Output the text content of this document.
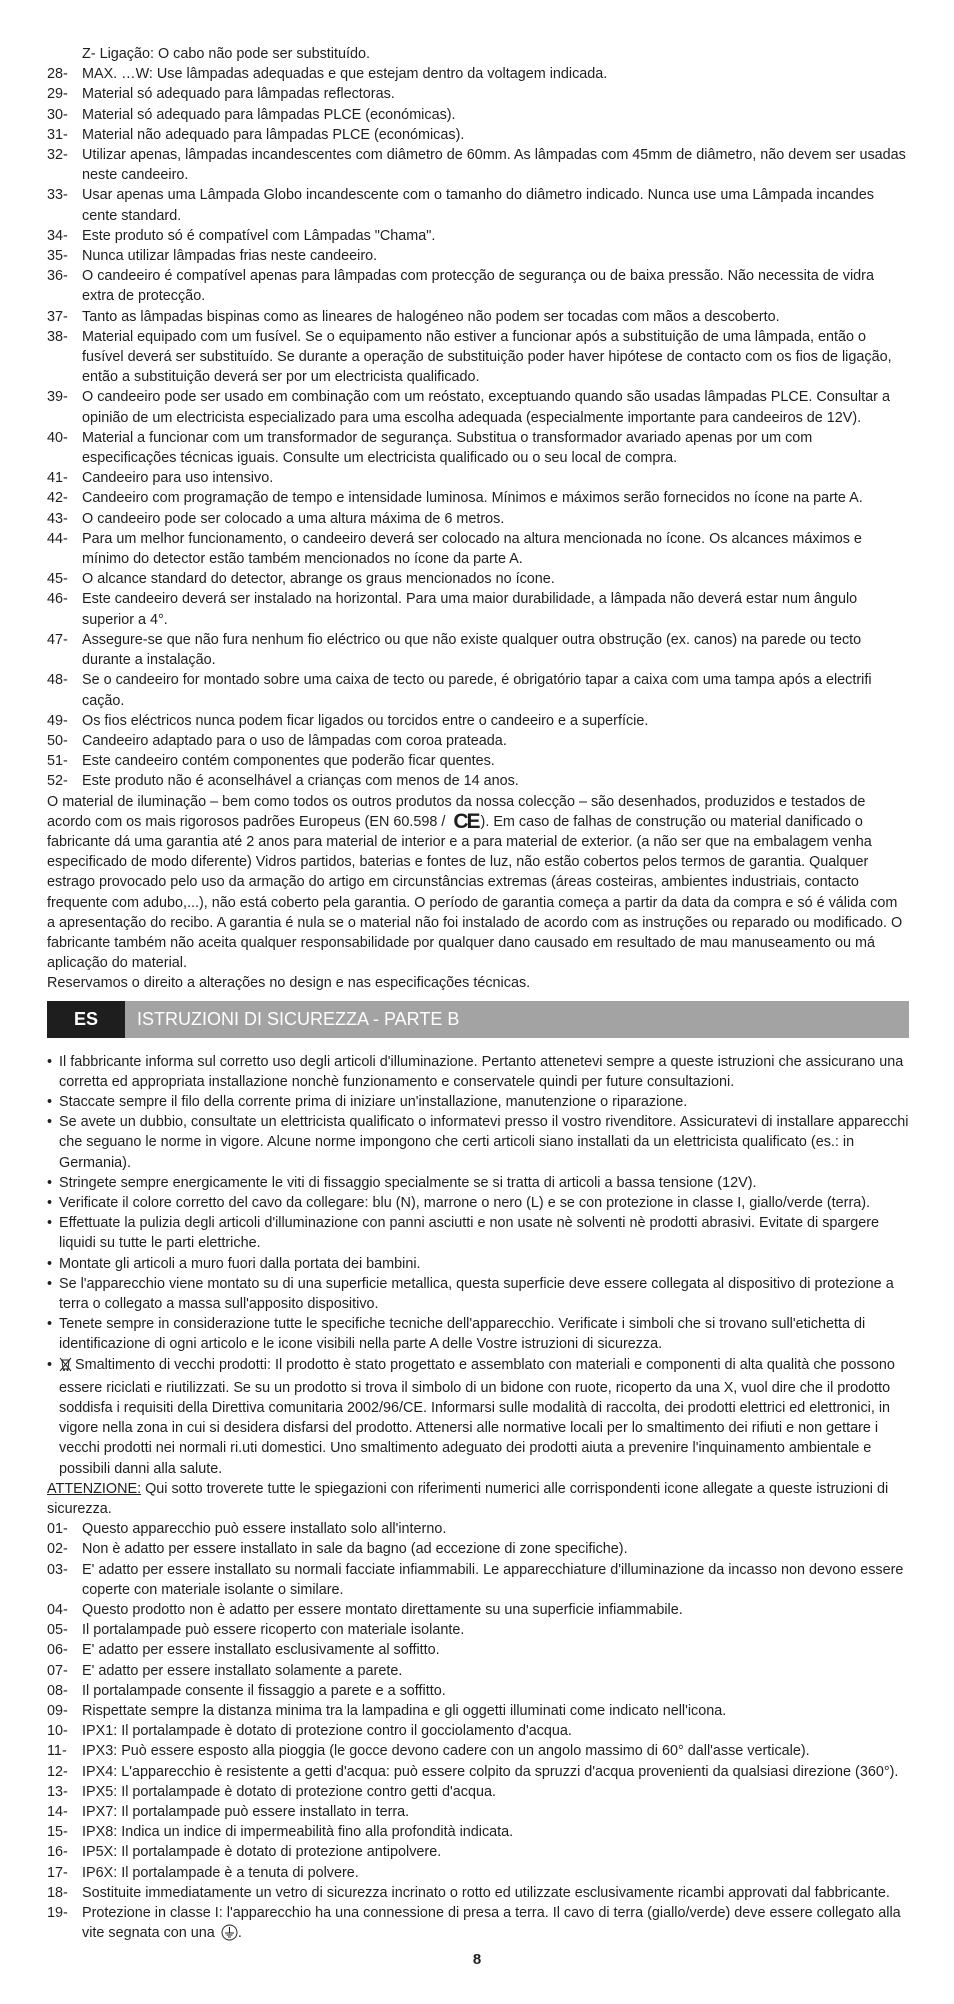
Z- Ligação: O cabo não pode ser substituído.
28- MAX. …W: Use lâmpadas adequadas e que estejam dentro da voltagem indicada.
29- Material só adequado para lâmpadas reflectoras.
30- Material só adequado para lâmpadas PLCE (económicas).
31- Material não adequado para lâmpadas PLCE (económicas).
32- Utilizar apenas, lâmpadas incandescentes com diâmetro de 60mm. As lâmpadas com 45mm de diâmetro, não devem ser usadas neste candeeiro.
33- Usar apenas uma Lâmpada Globo incandescente com o tamanho do diâmetro indicado. Nunca use uma Lâmpada incandes cente standard.
34- Este produto só é compatível com Lâmpadas "Chama".
35- Nunca utilizar lâmpadas frias neste candeeiro.
36- O candeeiro é compatível apenas para lâmpadas com protecção de segurança ou de baixa pressão. Não necessita de vidra extra de protecção.
37- Tanto as lâmpadas bispinas como as lineares de halogéneo não podem ser tocadas com mãos a descoberto.
38- Material equipado com um fusível. Se o equipamento não estiver a funcionar após a substituição de uma lâmpada, então o fusível deverá ser substituído. Se durante a operação de substituição poder haver hipótese de contacto com os fios de ligação, então a substituição deverá ser por um electricista qualificado.
39- O candeeiro pode ser usado em combinação com um reóstato, exceptuando quando são usadas lâmpadas PLCE. Consultar a opinião de um electricista especializado para uma escolha adequada (especialmente importante para candeeiros de 12V).
40- Material a funcionar com um transformador de segurança. Substitua o transformador avariado apenas por um com especificações técnicas iguais. Consulte um electricista qualificado ou o seu local de compra.
41- Candeeiro para uso intensivo.
42- Candeeiro com programação de tempo e intensidade luminosa. Mínimos e máximos serão fornecidos no ícone na parte A.
43- O candeeiro pode ser colocado a uma altura máxima de 6 metros.
44- Para um melhor funcionamento, o candeeiro deverá ser colocado na altura mencionada no ícone. Os alcances máximos e mínimo do detector estão também mencionados no ícone da parte A.
45- O alcance standard do detector, abrange os graus mencionados no ícone.
46- Este candeeiro deverá ser instalado na horizontal. Para uma maior durabilidade, a lâmpada não deverá estar num ângulo superior a 4°.
47- Assegure-se que não fura nenhum fio eléctrico ou que não existe qualquer outra obstrução (ex. canos) na parede ou tecto durante a instalação.
48- Se o candeeiro for montado sobre uma caixa de tecto ou parede, é obrigatório tapar a caixa com uma tampa após a electrifi cação.
49- Os fios eléctricos nunca podem ficar ligados ou torcidos entre o candeeiro e a superfície.
50- Candeeiro adaptado para o uso de lâmpadas com coroa prateada.
51- Este candeeiro contém componentes que poderão ficar quentes.
52- Este produto não é aconselhável a crianças com menos de 14 anos.

O material de iluminação – bem como todos os outros produtos da nossa colecção – são desenhados, produzidos e testados de acordo com os mais rigorosos padrões Europeus (EN 60.598 / CE ). Em caso de falhas de construção ou material danificado o fabricante dá uma garantia até 2 anos para material de interior e a para material de exterior. (a não ser que na embalagem venha especificado de modo diferente) Vidros partidos, baterias e fontes de luz, não estão cobertos pelos termos de garantia. Qualquer estrago provocado pelo uso da armação do artigo em circunstâncias extremas (áreas costeiras, ambientes industriais, contacto frequente com adubo,...), não está coberto pela garantia. O período de garantia começa a partir da data da compra e só é válida com a apresentação do recibo. A garantia é nula se o material não foi instalado de acordo com as instruções ou reparado ou modificado. O fabricante também não aceita qualquer responsabilidade por qualquer dano causado em resultado de mau manuseamento ou má aplicação do material.

Reservamos o direito a alterações no design e nas especificações técnicas.

ES	ISTRUZIONI DI SICUREZZA - PARTE B
• Il fabbricante informa sul corretto uso degli articoli d'illuminazione. Pertanto attenetevi sempre a queste istruzioni che assicurano una corretta ed appropriata installazione nonchè funzionamento e conservatele quindi per future consultazioni.
• Staccate sempre il filo della corrente prima di iniziare un'installazione, manutenzione o riparazione.
• Se avete un dubbio, consultate un elettricista qualificato o informatevi presso il vostro rivenditore. Assicuratevi di installare apparecchi che seguano le norme in vigore. Alcune norme impongono che certi articoli siano installati da un elettricista qualificato (es.: in Germania).
• Stringete sempre energicamente le viti di fissaggio specialmente se si tratta di articoli a bassa tensione (12V).
• Verificate il colore corretto del cavo da collegare: blu (N), marrone o nero (L) e se con protezione in classe I, giallo/verde (terra).
• Effettuate la pulizia degli articoli d'illuminazione con panni asciutti e non usate nè solventi nè prodotti abrasivi. Evitate di spargere liquidi su tutte le parti elettriche.
• Montate gli articoli a muro fuori dalla portata dei bambini.
• Se l'apparecchio viene montato su di una superficie metallica, questa superficie deve essere collegata al dispositivo di protezione a terra o collegato a massa sull'apposito dispositivo.
• Tenete sempre in considerazione tutte le specifiche tecniche dell'apparecchio. Verificate i simboli che si trovano sull'etichetta di identificazione di ogni articolo e le icone visibili nella parte A delle Vostre istruzioni di sicurezza.
•	Smaltimento di vecchi prodotti: Il prodotto è stato progettato e assemblato con materiali e componenti di alta qualità che possono essere riciclati e riutilizzati. Se su un prodotto si trova il simbolo di un bidone con ruote, ricoperto da una X, vuol dire che il prodotto soddisfa i requisiti della Direttiva comunitaria 2002/96/CE. Informarsi sulle modalità di raccolta, dei prodotti elettrici ed elettronici, in vigore nella zona in cui si desidera disfarsi del prodotto. Attenersi alle normative locali per lo smaltimento dei rifiuti e non gettare i vecchi prodotti nei normali ri.uti domestici. Uno smaltimento adeguato dei prodotti aiuta a prevenire l'inquinamento ambientale e possibili danni alla salute.

ATTENZIONE: Qui sotto troverete tutte le spiegazioni con riferimenti numerici alle corrispondenti icone allegate a queste istruzioni di sicurezza.

01- Questo apparecchio può essere installato solo all'interno.
02- Non è adatto per essere installato in sale da bagno (ad eccezione di zone specifiche).
03- E' adatto per essere installato su normali facciate infiammabili. Le apparecchiature d'illuminazione da incasso non devono essere coperte con materiale isolante o similare.
04- Questo prodotto non è adatto per essere montato direttamente su una superficie infiammabile.
05- Il portalampade può essere ricoperto con materiale isolante.
06- E' adatto per essere installato esclusivamente al soffitto.
07- E' adatto per essere installato solamente a parete.
08- Il portalampade consente il fissaggio a parete e a soffitto.
09- Rispettate sempre la distanza minima tra la lampadina e gli oggetti illuminati come indicato nell'icona.
10- IPX1: Il portalampade è dotato di protezione contro il gocciolamento d'acqua.
11-	IPX3: Può essere esposto alla pioggia (le gocce devono cadere con un angolo massimo di 60° dall'asse verticale).
12- IPX4: L'apparecchio è resistente a getti d'acqua: può essere colpito da spruzzi d'acqua provenienti da qualsiasi direzione (360°).
13- IPX5: Il portalampade è dotato di protezione contro getti d'acqua.
14- IPX7: Il portalampade può essere installato in terra.
15- IPX8: Indica un indice di impermeabilità fino alla profondità indicata.
16- IP5X: Il portalampade è dotato di protezione antipolvere.
17- IP6X: Il portalampade è a tenuta di polvere.
18- Sostituite immediatamente un vetro di sicurezza incrinato o rotto ed utilizzate esclusivamente ricambi approvati dal fabbricante.
19- Protezione in classe I: l'apparecchio ha una connessione di presa a terra. Il cavo di terra (giallo/verde) deve essere collegato alla vite segnata con una .
8
